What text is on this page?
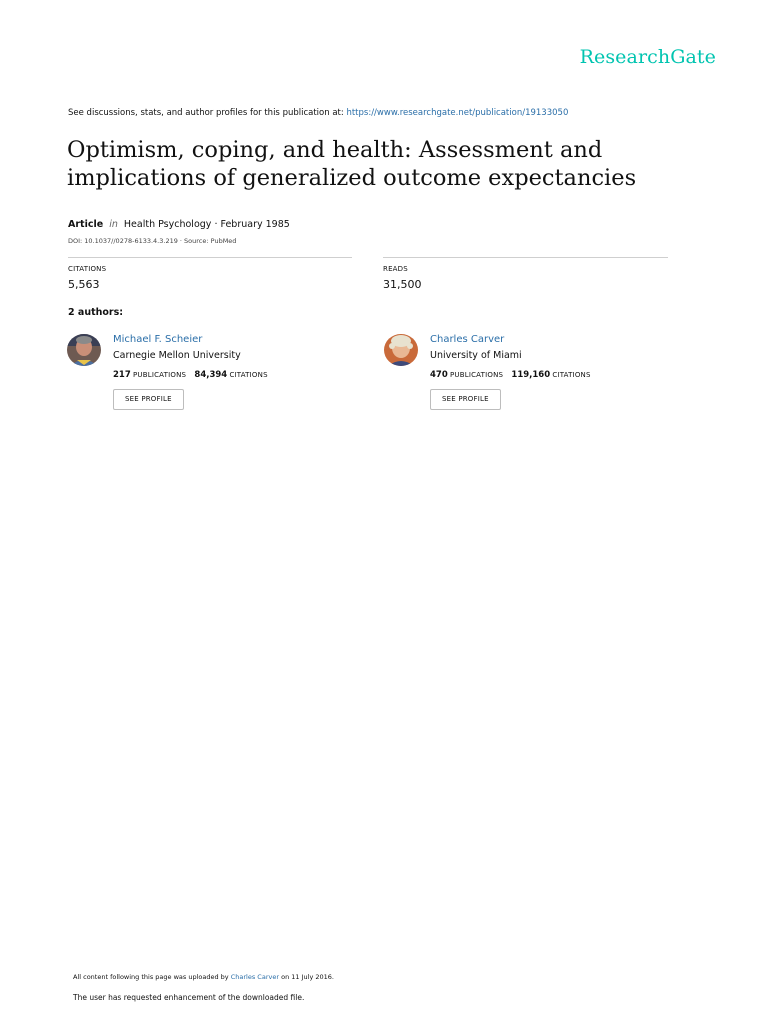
ResearchGate
See discussions, stats, and author profiles for this publication at: https://www.researchgate.net/publication/19133050
Optimism, coping, and health: Assessment and implications of generalized outcome expectancies
Article in Health Psychology · February 1985
DOI: 10.1037//0278-6133.4.3.219 · Source: PubMed
CITATIONS
5,563
READS
31,500
2 authors:
Michael F. Scheier
Carnegie Mellon University
217 PUBLICATIONS 84,394 CITATIONS
SEE PROFILE
Charles Carver
University of Miami
470 PUBLICATIONS 119,160 CITATIONS
SEE PROFILE
All content following this page was uploaded by Charles Carver on 11 July 2016.
The user has requested enhancement of the downloaded file.
